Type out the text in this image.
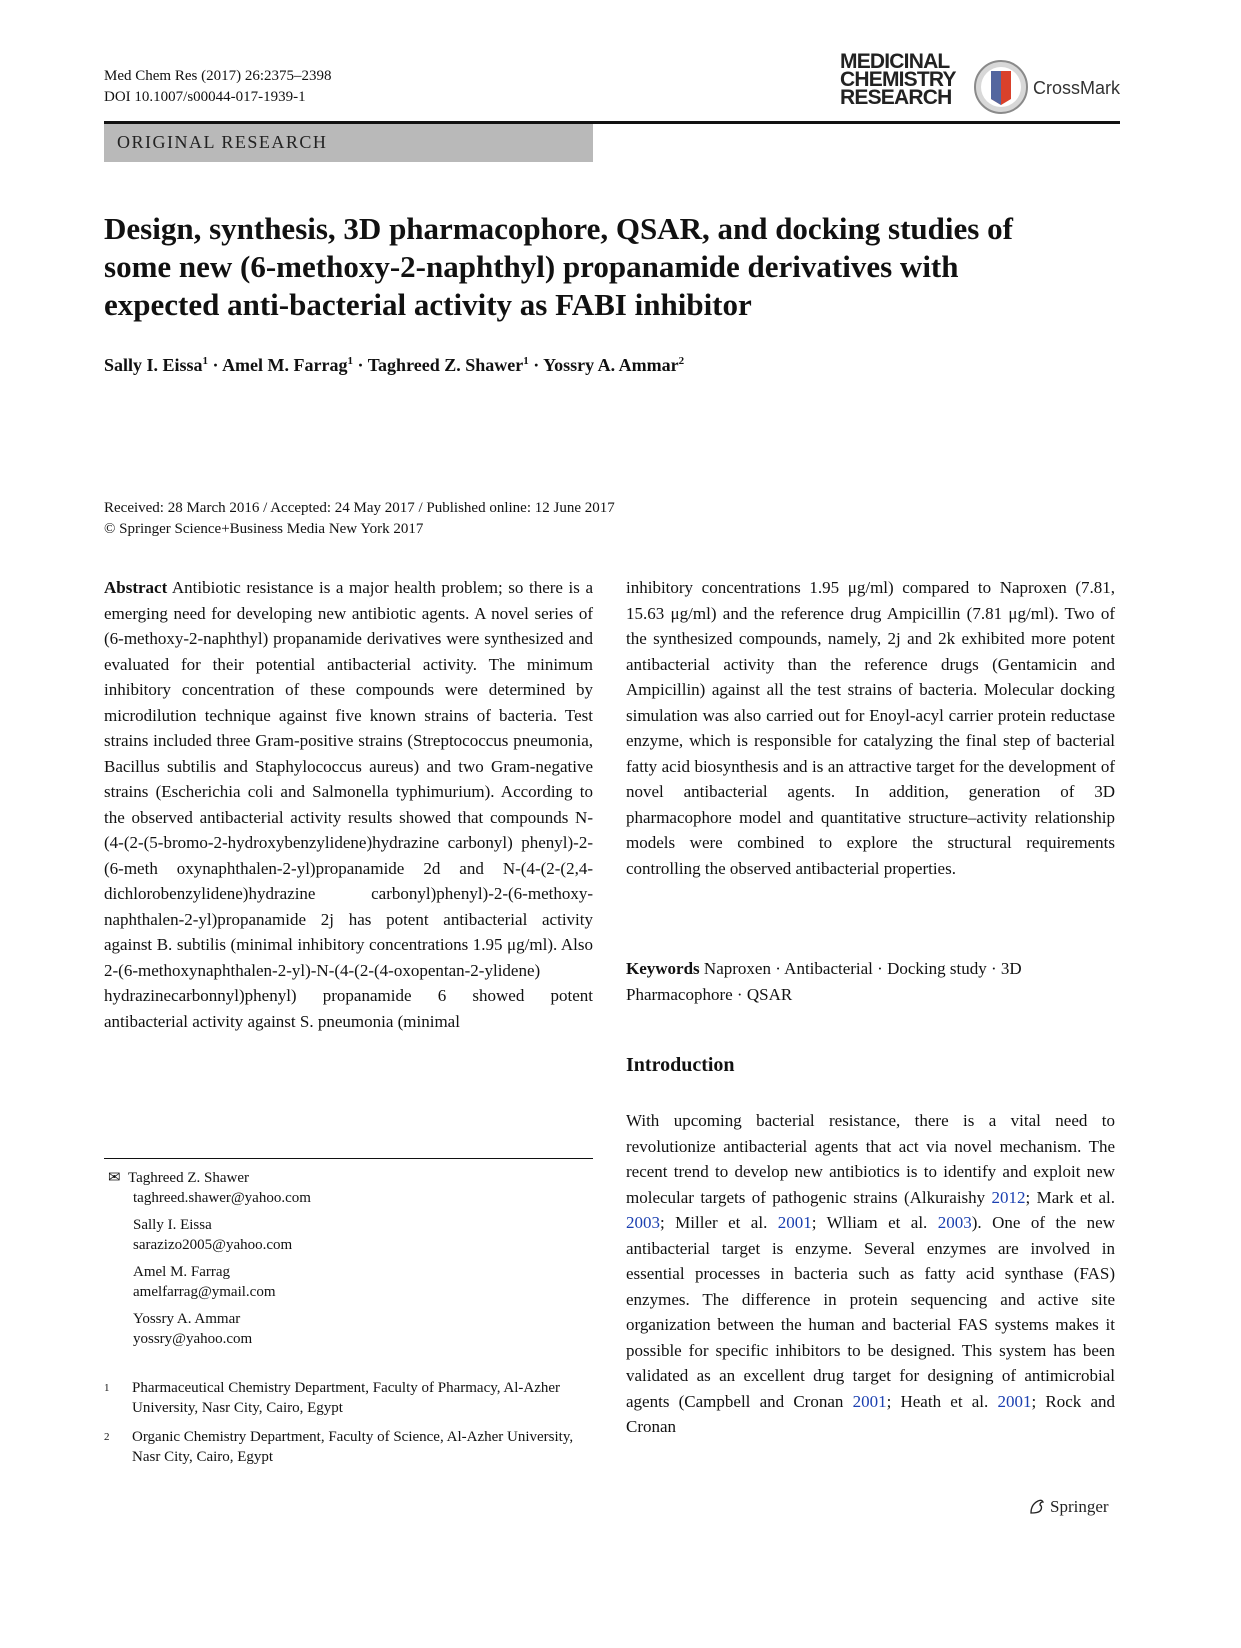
Med Chem Res (2017) 26:2375–2398
DOI 10.1007/s00044-017-1939-1
MEDICINAL
CHEMISTRY
RESEARCH	CrossMark
ORIGINAL RESEARCH
Design, synthesis, 3D pharmacophore, QSAR, and docking studies of some new (6-methoxy-2-naphthyl) propanamide derivatives with expected anti-bacterial activity as FABI inhibitor
Sally I. Eissa$^1$ · Amel M. Farrag$^1$ · Taghreed Z. Shawer$^1$ · Yossry A. Ammar$^2$
Received: 28 March 2016 / Accepted: 24 May 2017 / Published online: 12 June 2017
© Springer Science+Business Media New York 2017

Abstract Antibiotic resistance is a major health problem; so there is a emerging need for developing new antibiotic agents. A novel series of (6-methoxy-2-naphthyl) propanamide derivatives were synthesized and evaluated for their potential antibacterial activity. The minimum inhibitory concentration of these compounds were determined by microdilution technique against five known strains of bacteria. Test strains included three Gram-positive strains (Streptococcus pneumonia, Bacillus subtilis and Staphylococcus aureus) and two Gram-negative strains (Escherichia coli and Salmonella typhimurium). According to the observed antibacterial activity results showed that compounds N-(4-(2-(5-bromo-2-hydroxybenzylidene)hydrazine carbonyl) phenyl)-2-(6-meth oxynaphthalen-2-yl)propanamide 2d and N-(4-(2-(2,4-dichlorobenzylidene)hydrazine carbonyl)phenyl)-2-(6-methoxy-naphthalen-2-yl)propanamide 2j has potent antibacterial activity against B. subtilis (minimal inhibitory concentrations 1.95 μg/ml). Also 2-(6-methoxynaphthalen-2-yl)-N-(4-(2-(4-oxopentan-2-ylidene) hydrazinecarbonnyl)phenyl) propanamide 6 showed potent antibacterial activity against S. pneumonia (minimal

inhibitory concentrations 1.95 μg/ml) compared to Naproxen (7.81, 15.63 μg/ml) and the reference drug Ampicillin (7.81 μg/ml). Two of the synthesized compounds, namely, 2j and 2k exhibited more potent antibacterial activity than the reference drugs (Gentamicin and Ampicillin) against all the test strains of bacteria. Molecular docking simulation was also carried out for Enoyl-acyl carrier protein reductase enzyme, which is responsible for catalyzing the final step of bacterial fatty acid biosynthesis and is an attractive target for the development of novel antibacterial agents. In addition, generation of 3D pharmacophore model and quantitative structure–activity relationship models were combined to explore the structural requirements controlling the observed antibacterial properties.

Keywords Naproxen · Antibacterial · Docking study · 3D Pharmacophore · QSAR
Introduction

With upcoming bacterial resistance, there is a vital need to revolutionize antibacterial agents that act via novel mechanism. The recent trend to develop new antibiotics is to identify and exploit new molecular targets of pathogenic strains (Alkuraishy 2012; Mark et al. 2003; Miller et al. 2001; Wlliam et al. 2003). One of the new antibacterial target is enzyme. Several enzymes are involved in essential processes in bacteria such as fatty acid synthase (FAS) enzymes. The difference in protein sequencing and active site organization between the human and bacterial FAS systems makes it possible for specific inhibitors to be designed. This system has been validated as an excellent drug target for designing of antimicrobial agents (Campbell and Cronan 2001; Heath et al. 2001; Rock and Cronan

✉ Taghreed Z. Shawer
taghreed.shawer@yahoo.com
Sally I. Eissa
sarazizo2005@yahoo.com
Amel M. Farrag
amelfarrag@ymail.com
Yossry A. Ammar
yossry@yahoo.com
1	Pharmaceutical Chemistry Department, Faculty of Pharmacy, Al-Azher University, Nasr City, Cairo, Egypt
2	Organic Chemistry Department, Faculty of Science, Al-Azher University, Nasr City, Cairo, Egypt
Springer
